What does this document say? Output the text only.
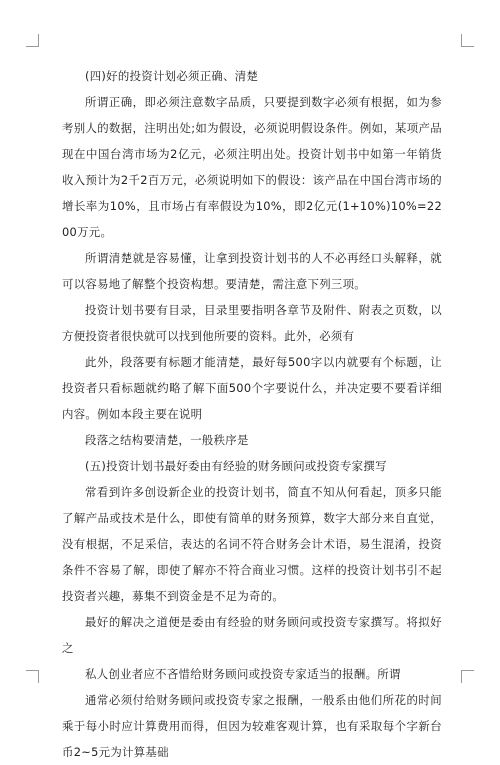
(四)好的投资计划必须正确、清楚

所谓正确，即必须注意数字品质，只要提到数字必须有根据，如为参考别人的数据，注明出处;如为假设，必须说明假设条件。例如，某项产品现在中国台湾市场为2亿元，必须注明出处。投资计划书中如第一年销货收入预计为2千2百万元，必须说明如下的假设：该产品在中国台湾市场的增长率为10%，且市场占有率假设为10%，即2亿元(1+10%)10%=2200万元。

所谓清楚就是容易懂，让拿到投资计划书的人不必再经口头解释，就可以容易地了解整个投资构想。要清楚，需注意下列三项。

投资计划书要有目录，目录里要指明各章节及附件、附表之页数，以方便投资者很快就可以找到他所要的资料。此外，必须有

此外，段落要有标题才能清楚，最好每500字以内就要有个标题，让投资者只看标题就约略了解下面500个字要说什么，并决定要不要看详细内容。例如本段主要在说明

段落之结构要清楚，一般秩序是

(五)投资计划书最好委由有经验的财务顾问或投资专家撰写

常看到许多创设新企业的投资计划书，简直不知从何看起，顶多只能了解产品或技术是什么，即使有简单的财务预算，数字大部分来自直觉，没有根据，不足采信，表达的名词不符合财务会计术语，易生混淆，投资条件不容易了解，即使了解亦不符合商业习惯。这样的投资计划书引不起投资者兴趣，募集不到资金是不足为奇的。

最好的解决之道便是委由有经验的财务顾问或投资专家撰写。将拟好之

私人创业者应不吝惜给财务顾问或投资专家适当的报酬。所谓

通常必须付给财务顾问或投资专家之报酬，一般系由他们所花的时间乘于每小时应计算费用而得，但因为较难客观计算，也有采取每个字新台币2~5元为计算基础
